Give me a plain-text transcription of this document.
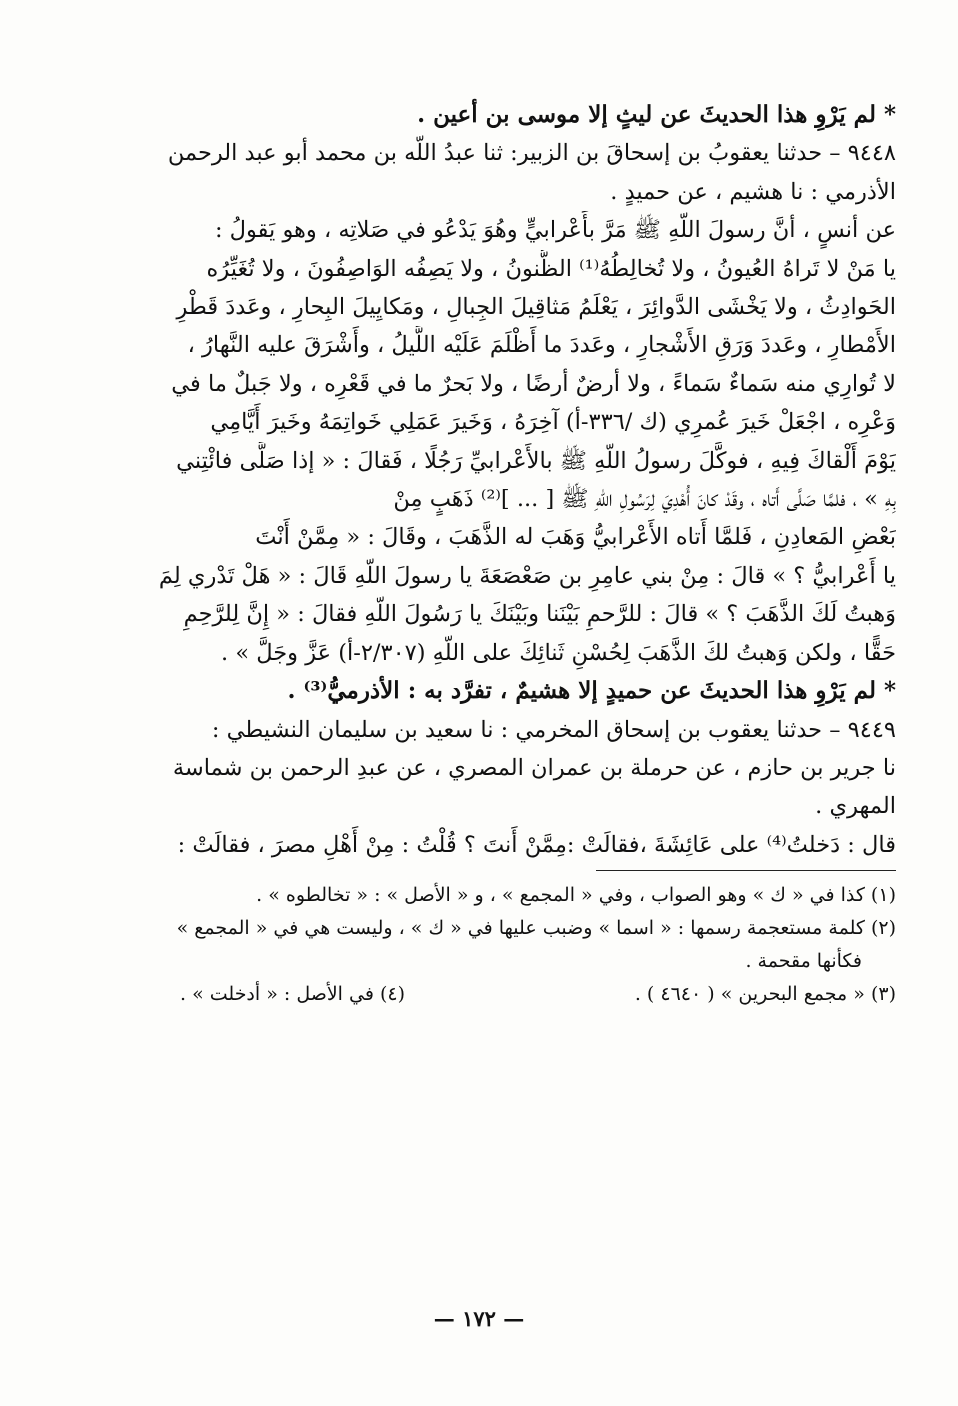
* لم يَرْوِ هذا الحديثَ عن ليثٍ إلا موسى بن أعين .
٩٤٤٨ – حدثنا يعقوبُ بن إسحاقَ بن الزبير: ثنا عبدُ اللّه بن محمد أبو عبد الرحمن
الأذرمي : نا هشيم ، عن حميدٍ .
عن أنسٍ ، أنَّ رسولَ اللّهِ ﷺ مَرَّ بأَعْرابيٍّ وهُوَ يَدْعُو في صَلاتِه ، وهو يَقولُ :
يا مَنْ لا تَراهُ العُيونُ ، ولا تُخالِطُهُ⁽¹⁾ الظُّنونُ ، ولا يَصِفُه الوَاصِفُونَ ، ولا تُغَيِّرُه
الحَوادِثُ ، ولا يَخْشَى الدَّوائِرَ ، يَعْلَمُ مَثاقِيلَ الجِبالِ ، ومَكايِيلَ البِحارِ ، وعَددَ قَطْرِ
الأَمْطارِ ، وعَددَ وَرَقِ الأَشْجارِ ، وعَددَ ما أَظْلَمَ عَلَيْه اللَّيلُ ، وأَشْرَقَ عليه النَّهارُ ،
لا تُوارِي منه سَماءٌ سَماءً ، ولا أرضٌ أرضًا ، ولا بَحرٌ ما في قَعْرِه ، ولا جَبلٌ ما في
وَعْرِه ، اجْعَلْ خَيرَ عُمرِي (ك /٣٣٦-أ) آخِرَهُ ، وَخَيرَ عَمَلِي خَواتِمَهُ وخَيرَ أَيَّامِي
يَوْمَ أَلْقاكَ فِيهِ ، فوكَّلَ رسولُ اللّهِ ﷺ بالأَعْرابيِّ رَجُلًا ، فَقالَ : « إذا صَلَّى فائْتِني
بِهِ » ، فلمَّا صَلَّى أَتاه ، وقَدْ كانَ أُهْدِيَ لِرَسُولِ اللّهِ ﷺ [ ... ]⁽²⁾ ذَهَبٍ مِنْ
بَعْضِ المَعادِنِ ، فَلمَّا أَتاه الأَعْرابيُّ وَهَبَ له الذَّهَبَ ، وقَالَ : « مِمَّنْ أَنْتَ
يا أَعْرابيُّ ؟ » قالَ : مِنْ بني عامِرِ بن صَعْصَعَةَ يا رسولَ اللّهِ قَالَ : « هَلْ تَدْري لِمَ
وَهبتُ لَكَ الذَّهَبَ ؟ » قالَ : للرَّحمِ بَيْنَنا وبَيْنَكَ يا رَسُولَ اللّهِ فقالَ : « إِنَّ لِلرَّحِمِ
حَقًّا ، ولكن وَهبتُ لكَ الذَّهَبَ لِحُسْنِ ثَنائِكَ على اللّهِ (٢/٣٠٧-أ) عَزَّ وجَلَّ » .
* لم يَرْوِ هذا الحديثَ عن حميدٍ إلا هشيمٌ ، تفرَّد به : الأذرميُّ⁽³⁾ .
٩٤٤٩ – حدثنا يعقوب بن إسحاق المخرمي : نا سعيد بن سليمان النشيطي :
نا جرير بن حازم ، عن حرملة بن عمران المصري ، عن عبدِ الرحمن بن شماسة
المهري .
قال : دَخلتُ⁽⁴⁾ على عَائِشَةَ ،فقالَتْ :مِمَّنْ أَنتَ ؟ قُلْتُ : مِنْ أَهْلِ مصرَ ، فقالَتْ :
(١) كذا في « ك » وهو الصواب ، وفي « المجمع » ، و « الأصل » : « تخالطوه » .
(٢) كلمة مستعجمة رسمها : « اسما » وضبب عليها في « ك » ، وليست هي في « المجمع »
فكأنها مقحمة .
(٣) « مجمع البحرين » ( ٤٦٤٠ ) .
(٤) في الأصل : « أدخلت » .
— ١٧٢ —
